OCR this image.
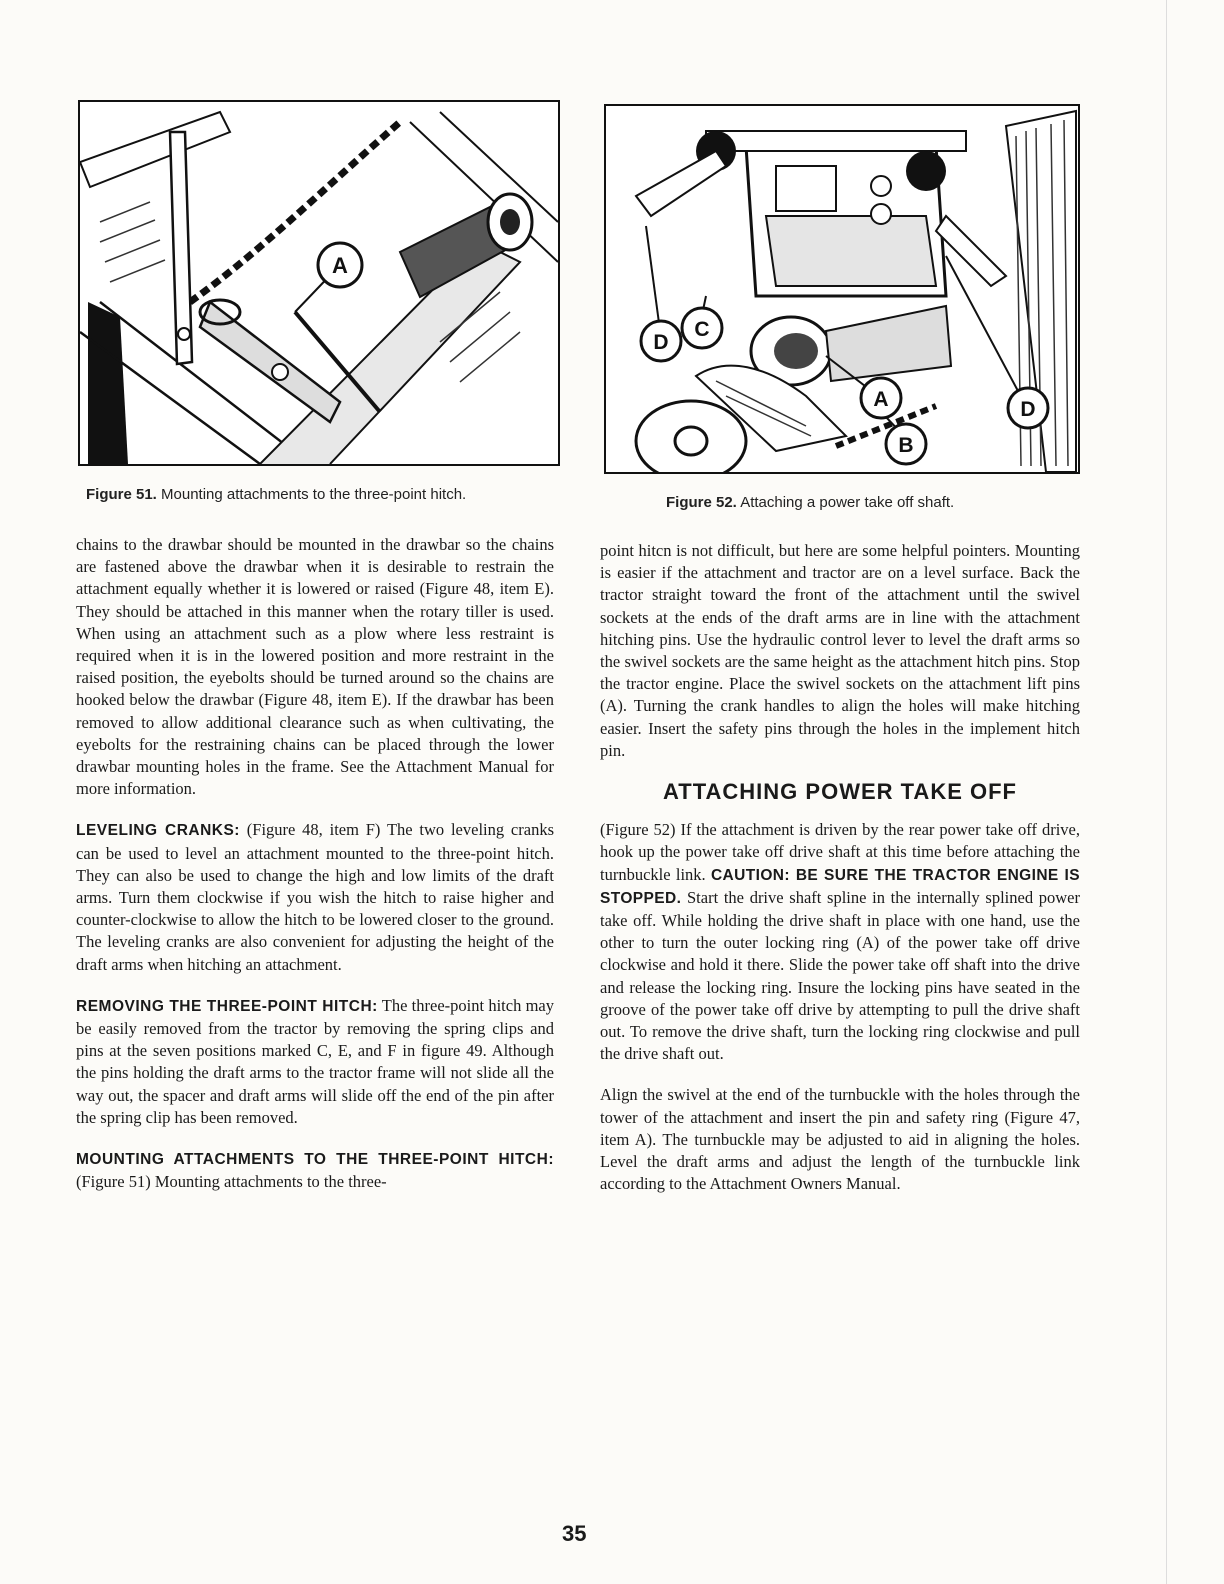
A
Figure 51. Mounting attachments to the three-point hitch.
D
C
A
B
D
Figure 52. Attaching a power take off shaft.

chains to the drawbar should be mounted in the drawbar so the chains are fastened above the drawbar when it is desirable to restrain the attachment equally whether it is lowered or raised (Figure 48, item E). They should be attached in this manner when the rotary tiller is used. When using an attachment such as a plow where less restraint is required when it is in the lowered position and more restraint in the raised position, the eyebolts should be turned around so the chains are hooked below the drawbar (Figure 48, item E). If the drawbar has been removed to allow additional clearance such as when cultivating, the eyebolts for the restraining chains can be placed through the lower drawbar mounting holes in the frame. See the Attachment Manual for more information.

LEVELING CRANKS: (Figure 48, item F) The two leveling cranks can be used to level an attachment mounted to the three-point hitch. They can also be used to change the high and low limits of the draft arms. Turn them clockwise if you wish the hitch to raise higher and counter-clockwise to allow the hitch to be lowered closer to the ground. The leveling cranks are also convenient for adjusting the height of the draft arms when hitching an attachment.

REMOVING THE THREE-POINT HITCH: The three-point hitch may be easily removed from the tractor by removing the spring clips and pins at the seven positions marked C, E, and F in figure 49. Although the pins holding the draft arms to the tractor frame will not slide all the way out, the spacer and draft arms will slide off the end of the pin after the spring clip has been removed.

MOUNTING ATTACHMENTS TO THE THREE-POINT HITCH: (Figure 51) Mounting attachments to the three-

point hitcn is not difficult, but here are some helpful pointers. Mounting is easier if the attachment and tractor are on a level surface. Back the tractor straight toward the front of the attachment until the swivel sockets at the ends of the draft arms are in line with the attachment hitching pins. Use the hydraulic control lever to level the draft arms so the swivel sockets are the same height as the attachment hitch pins. Stop the tractor engine. Place the swivel sockets on the attachment lift pins (A). Turning the crank handles to align the holes will make hitching easier. Insert the safety pins through the holes in the implement hitch pin.

ATTACHING POWER TAKE OFF

(Figure 52) If the attachment is driven by the rear power take off drive, hook up the power take off drive shaft at this time before attaching the turnbuckle link. CAUTION: BE SURE THE TRACTOR ENGINE IS STOPPED. Start the drive shaft spline in the internally splined power take off. While holding the drive shaft in place with one hand, use the other to turn the outer locking ring (A) of the power take off drive clockwise and hold it there. Slide the power take off shaft into the drive and release the locking ring. Insure the locking pins have seated in the groove of the power take off drive by attempting to pull the drive shaft out. To remove the drive shaft, turn the locking ring clockwise and pull the drive shaft out.

Align the swivel at the end of the turnbuckle with the holes through the tower of the attachment and insert the pin and safety ring (Figure 47, item A). The turnbuckle may be adjusted to aid in aligning the holes. Level the draft arms and adjust the length of the turnbuckle link according to the Attachment Owners Manual.

35
